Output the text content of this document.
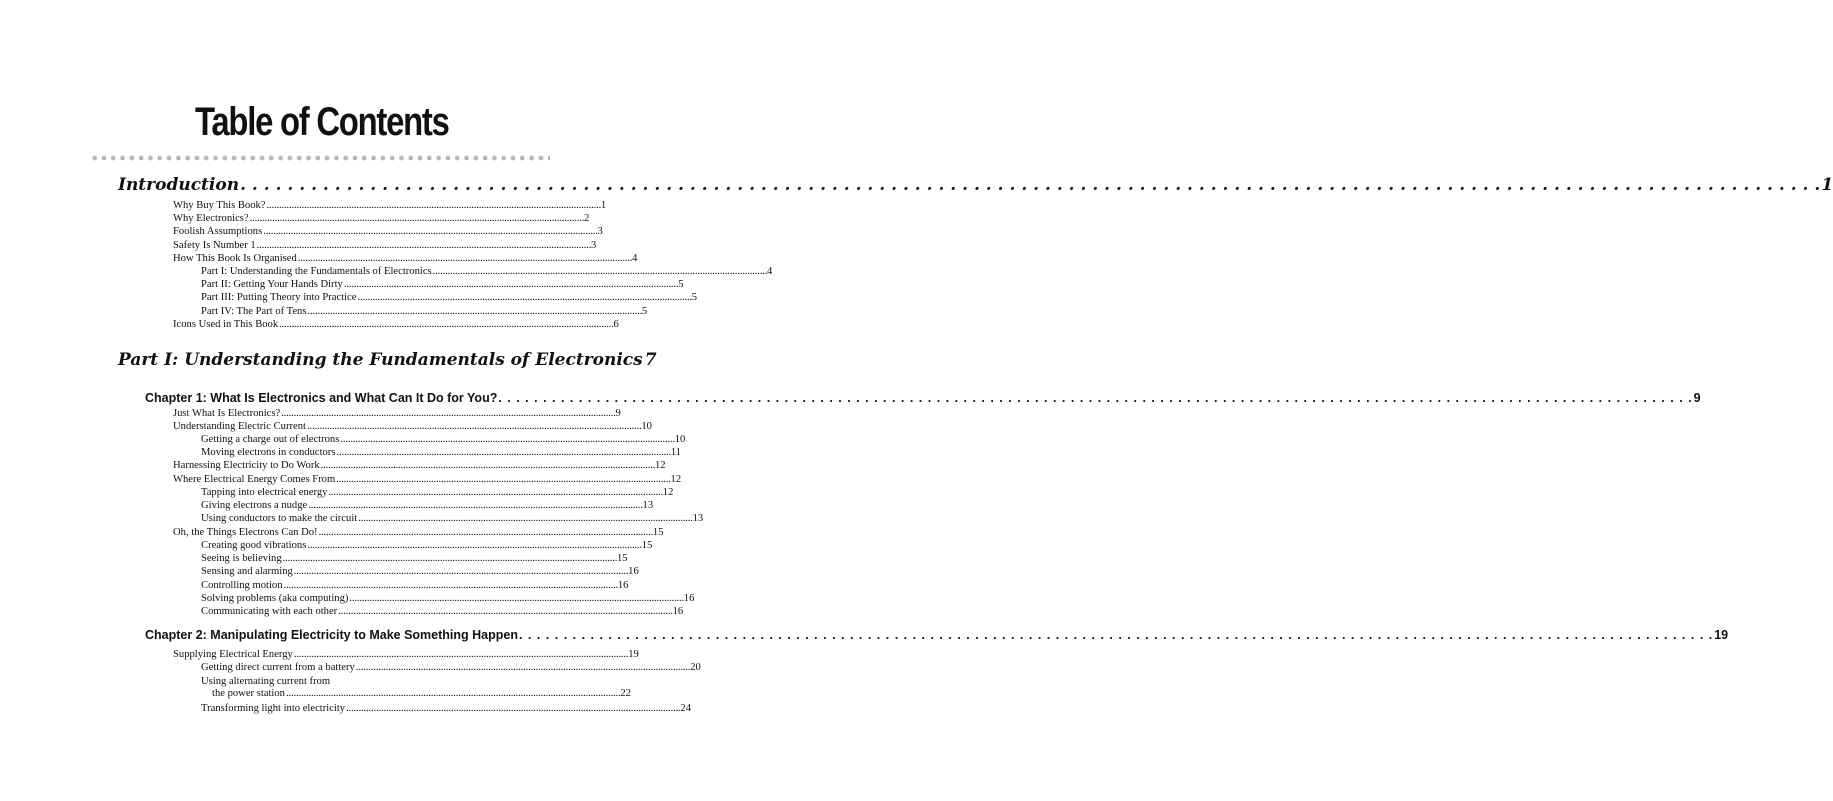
Table of Contents
Introduction . . .	1
Why Buy This Book? . . .	1
Why Electronics? . . .	2
Foolish Assumptions . . .	3
Safety Is Number 1 . . .	3
How This Book Is Organised . . .	4
Part I: Understanding the Fundamentals of Electronics . . .	4
Part II: Getting Your Hands Dirty . . .	5
Part III: Putting Theory into Practice . . .	5
Part IV: The Part of Tens . . .	5
Icons Used in This Book . . .	6
Part I: Understanding the Fundamentals of Electronics 7
Chapter 1: What Is Electronics and What Can It Do for You? . . .	9
Just What Is Electronics? . . .	9
Understanding Electric Current . . .	10
Getting a charge out of electrons . . .	10
Moving electrons in conductors . . .	11
Harnessing Electricity to Do Work . . .	12
Where Electrical Energy Comes From . . .	12
Tapping into electrical energy . . .	12
Giving electrons a nudge . . .	13
Using conductors to make the circuit . . .	13
Oh, the Things Electrons Can Do! . . .	15
Creating good vibrations . . .	15
Seeing is believing . . .	15
Sensing and alarming . . .	16
Controlling motion . . .	16
Solving problems (aka computing) . . .	16
Communicating with each other . . .	16
Chapter 2: Manipulating Electricity to Make Something Happen . . .	19
Supplying Electrical Energy . . .	19
Getting direct current from a battery . . .	20
Using alternating current from
the power station . . .	22
Transforming light into electricity . . .	24
